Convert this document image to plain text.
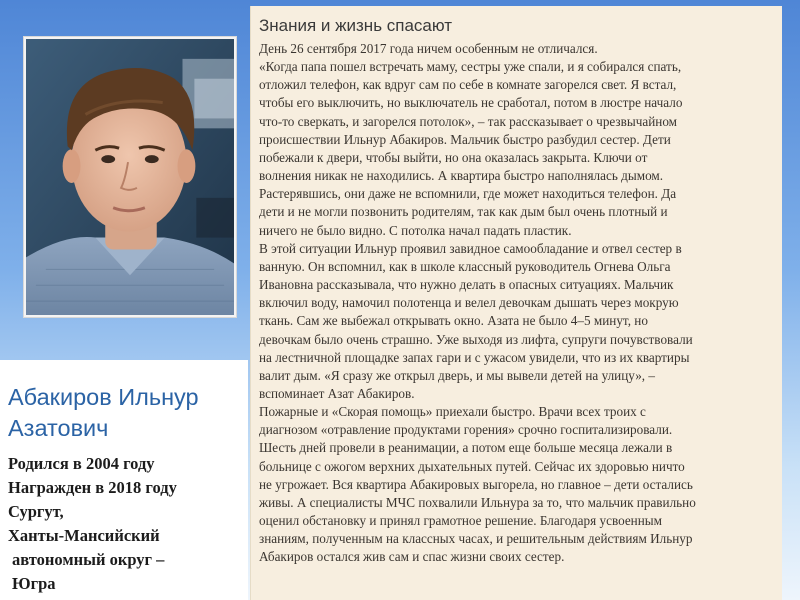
Абакиров Ильнур
Азатович
Родился в 2004 году
Награжден в 2018 году
Сургут,
Ханты-Мансийский
автономный округ –
Югра
Знания и жизнь спасают
День 26 сентября 2017 года ничем особенным не отличался.
«Когда папа пошел встречать маму, сестры уже спали, и я собирался спать,
отложил телефон, как вдруг сам по себе в комнате загорелся свет. Я встал,
чтобы его выключить, но выключатель не сработал, потом в люстре начало
что-то сверкать, и загорелся потолок», – так рассказывает о чрезвычайном
происшествии Ильнур Абакиров. Мальчик быстро разбудил сестер. Дети
побежали к двери, чтобы выйти, но она оказалась закрыта. Ключи от
волнения никак не находились. А квартира быстро наполнялась дымом.
Растерявшись, они даже не вспомнили, где может находиться телефон. Да
дети и не могли позвонить родителям, так как дым был очень плотный и
ничего не было видно. С потолка начал падать пластик.
В этой ситуации Ильнур проявил завидное самообладание и отвел сестер в
ванную. Он вспомнил, как в школе классный руководитель Огнева Ольга
Ивановна рассказывала, что нужно делать в опасных ситуациях. Мальчик
включил воду, намочил полотенца и велел девочкам дышать через мокрую
ткань. Сам же выбежал открывать окно. Азата не было 4–5 минут, но
девочкам было очень страшно. Уже выходя из лифта, супруги почувствовали
на лестничной площадке запах гари и с ужасом увидели, что из их квартиры
валит дым. «Я сразу же открыл дверь, и мы вывели детей на улицу», –
вспоминает Азат Абакиров.
Пожарные и «Скорая помощь» приехали быстро. Врачи всех троих с
диагнозом «отравление продуктами горения» срочно госпитализировали.
Шесть дней провели в реанимации, а потом еще больше месяца лежали в
больнице с ожогом верхних дыхательных путей. Сейчас их здоровью ничто
не угрожает. Вся квартира Абакировых выгорела, но главное – дети остались
живы. А специалисты МЧС похвалили Ильнура за то, что мальчик правильно
оценил обстановку и принял грамотное решение. Благодаря усвоенным
знаниям, полученным на классных часах, и решительным действиям Ильнур
Абакиров остался жив сам и спас жизни своих сестер.
